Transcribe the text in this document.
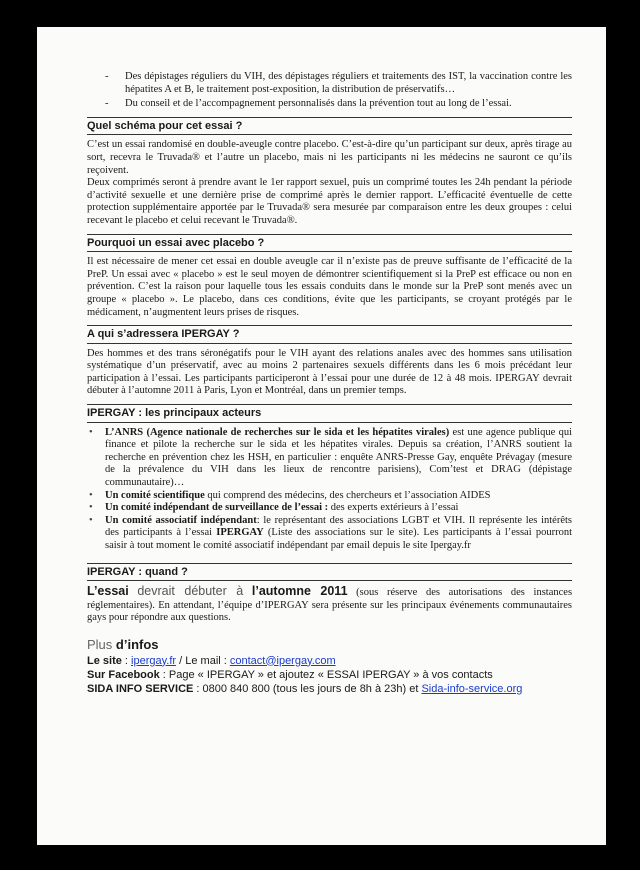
- Des dépistages réguliers du VIH, des dépistages réguliers et traitements des IST, la vaccination contre les hépatites A et B, le traitement post-exposition, la distribution de préservatifs…
- Du conseil et de l’accompagnement personnalisés dans la prévention tout au long de l’essai.
Quel schéma pour cet essai ?

C’est un essai randomisé en double-aveugle contre placebo. C’est-à-dire qu’un participant sur deux, après tirage au sort, recevra le Truvada® et l’autre un placebo, mais ni les participants ni les médecins ne sauront ce qu’ils reçoivent.

Deux comprimés seront à prendre avant le 1er rapport sexuel, puis un comprimé toutes les 24h pendant la période d’activité sexuelle et une dernière prise de comprimé après le dernier rapport. L’efficacité éventuelle de cette protection supplémentaire apportée par le Truvada® sera mesurée par comparaison entre les deux groupes : celui recevant le placebo et celui recevant le Truvada®.

Pourquoi un essai avec placebo ?

Il est nécessaire de mener cet essai en double aveugle car il n’existe pas de preuve suffisante de l’efficacité de la PreP. Un essai avec « placebo » est le seul moyen de démontrer scientifiquement si la PreP est efficace ou non en prévention. C’est la raison pour laquelle tous les essais conduits dans le monde sur la PreP sont menés avec un groupe « placebo ». Le placebo, dans ces conditions, évite que les participants, se croyant protégés par le médicament, n’augmentent leurs prises de risques.

A qui s’adressera IPERGAY ?

Des hommes et des trans séronégatifs pour le VIH ayant des relations anales avec des hommes sans utilisation systématique d’un préservatif, avec au moins 2 partenaires sexuels différents dans les 6 mois précédant leur participation à l’essai. Les participants participeront à l’essai pour une durée de 12 à 48 mois. IPERGAY devrait débuter à l’automne 2011 à Paris, Lyon et Montréal, dans un premier temps.

IPERGAY : les principaux acteurs
• L’ANRS (Agence nationale de recherches sur le sida et les hépatites virales) est une agence publique qui finance et pilote la recherche sur le sida et les hépatites virales. Depuis sa création, l’ANRS soutient la recherche en prévention chez les HSH, en particulier : enquête ANRS-Presse Gay, enquête Prévagay (mesure de la prévalence du VIH dans les lieux de rencontre parisiens), Com’test et DRAG (dépistage communautaire)…
• Un comité scientifique qui comprend des médecins, des chercheurs et l’association AIDES
• Un comité indépendant de surveillance de l’essai : des experts extérieurs à l’essai
• Un comité associatif indépendant: le représentant des associations LGBT et VIH. Il représente les intérêts des participants à l’essai IPERGAY (Liste des associations sur le site). Les participants à l’essai pourront saisir à tout moment le comité associatif indépendant par email depuis le site Ipergay.fr
IPERGAY : quand ?

L’essai devrait débuter à l’automne 2011 (sous réserve des autorisations des instances réglementaires). En attendant, l’équipe d’IPERGAY sera présente sur les principaux événements communautaires gays pour répondre aux questions.

Plus d’infos
Le site : ipergay.fr / Le mail : contact@ipergay.com
Sur Facebook : Page « IPERGAY » et ajoutez « ESSAI IPERGAY » à vos contacts
SIDA INFO SERVICE : 0800 840 800 (tous les jours de 8h à 23h) et Sida-info-service.org
